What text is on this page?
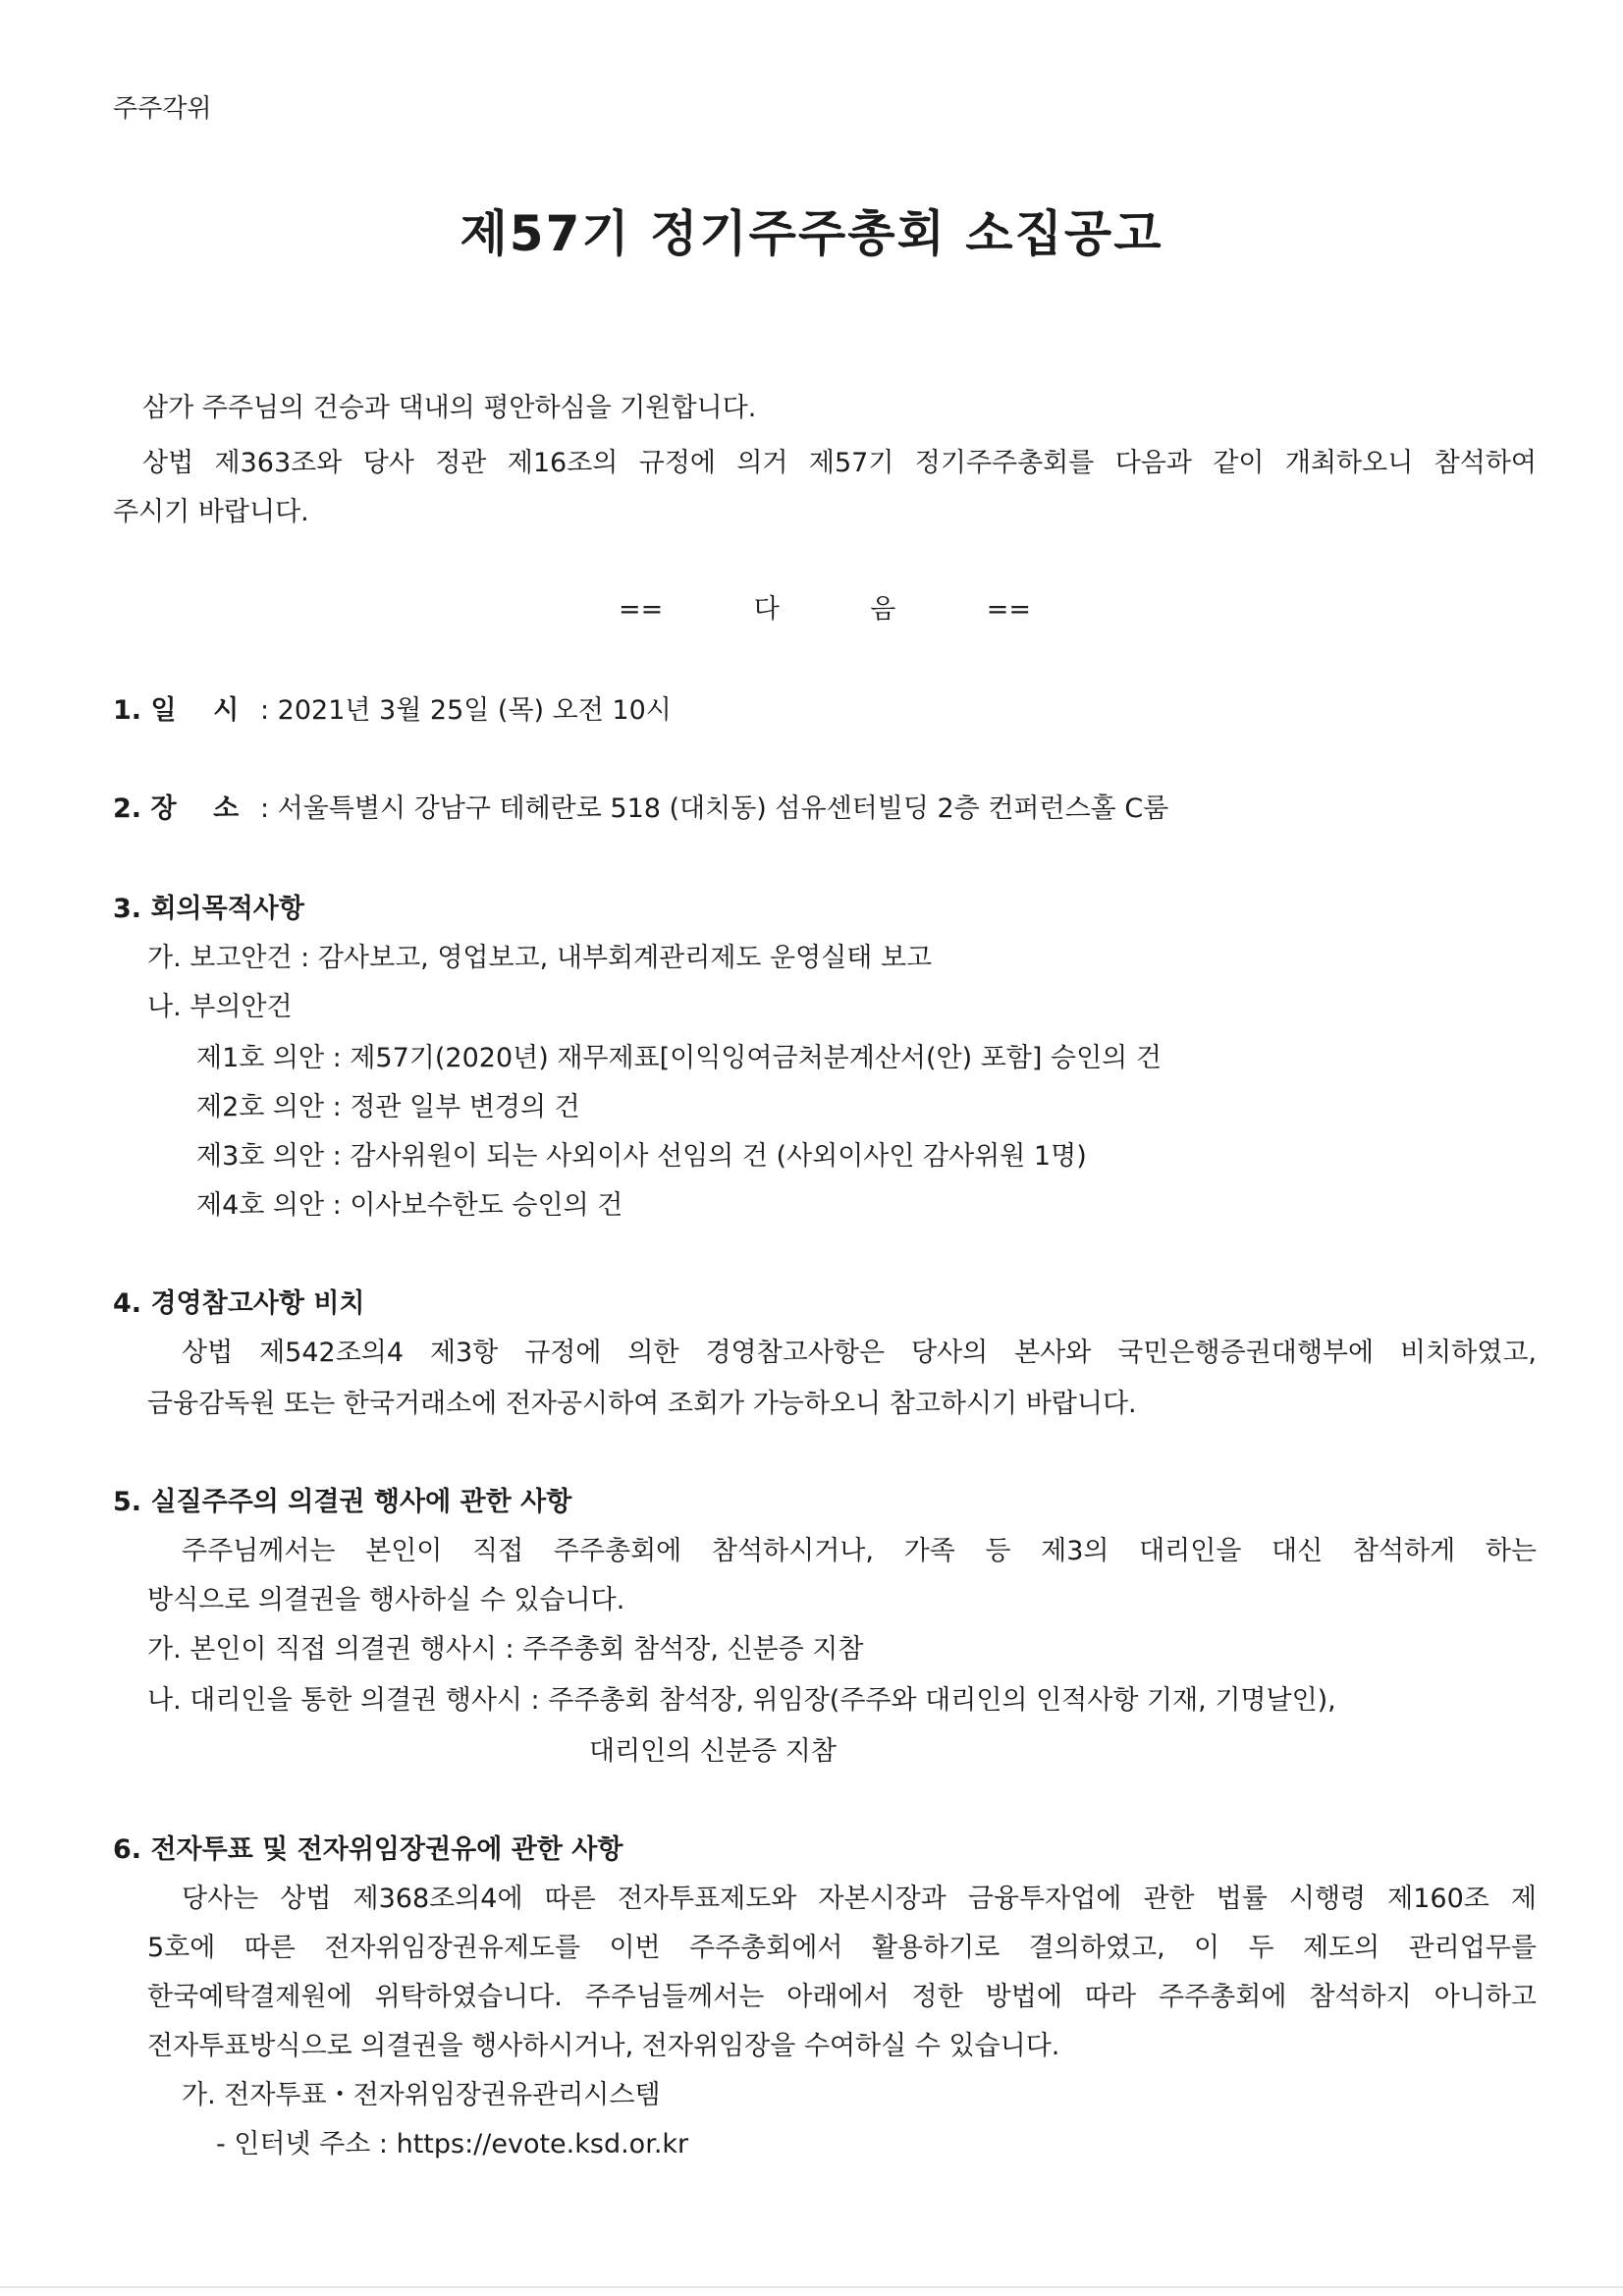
주주각위
제57기 정기주주총회 소집공고
삼가 주주님의 건승과 댁내의 평안하심을 기원합니다.
상법 제363조와 당사 정관 제16조의 규정에 의거 제57기 정기주주총회를 다음과 같이 개최하오니 참석하여
주시기 바랍니다.
==	다	음	==
1. 일    시 : 2021년 3월 25일 (목) 오전 10시
2. 장    소 : 서울특별시 강남구 테헤란로 518 (대치동) 섬유센터빌딩 2층 컨퍼런스홀 C룸
3. 회의목적사항
가. 보고안건 : 감사보고, 영업보고, 내부회계관리제도 운영실태 보고
나. 부의안건
제1호 의안 : 제57기(2020년) 재무제표[이익잉여금처분계산서(안) 포함] 승인의 건
제2호 의안 : 정관 일부 변경의 건
제3호 의안 : 감사위원이 되는 사외이사 선임의 건 (사외이사인 감사위원 1명)
제4호 의안 : 이사보수한도 승인의 건
4. 경영참고사항 비치
상법 제542조의4 제3항 규정에 의한 경영참고사항은 당사의 본사와 국민은행증권대행부에 비치하였고,
금융감독원 또는 한국거래소에 전자공시하여 조회가 가능하오니 참고하시기 바랍니다.
5. 실질주주의 의결권 행사에 관한 사항
주주님께서는 본인이 직접 주주총회에 참석하시거나, 가족 등 제3의 대리인을 대신 참석하게 하는
방식으로 의결권을 행사하실 수 있습니다.
가. 본인이 직접 의결권 행사시 : 주주총회 참석장, 신분증 지참
나. 대리인을 통한 의결권 행사시 : 주주총회 참석장, 위임장(주주와 대리인의 인적사항 기재, 기명날인),
대리인의 신분증 지참
6. 전자투표 및 전자위임장권유에 관한 사항
당사는 상법 제368조의4에 따른 전자투표제도와 자본시장과 금융투자업에 관한 법률 시행령 제160조 제
5호에 따른 전자위임장권유제도를 이번 주주총회에서 활용하기로 결의하였고, 이 두 제도의 관리업무를
한국예탁결제원에 위탁하였습니다. 주주님들께서는 아래에서 정한 방법에 따라 주주총회에 참석하지 아니하고
전자투표방식으로 의결권을 행사하시거나, 전자위임장을 수여하실 수 있습니다.
가. 전자투표・전자위임장권유관리시스템
- 인터넷 주소 : https://evote.ksd.or.kr
